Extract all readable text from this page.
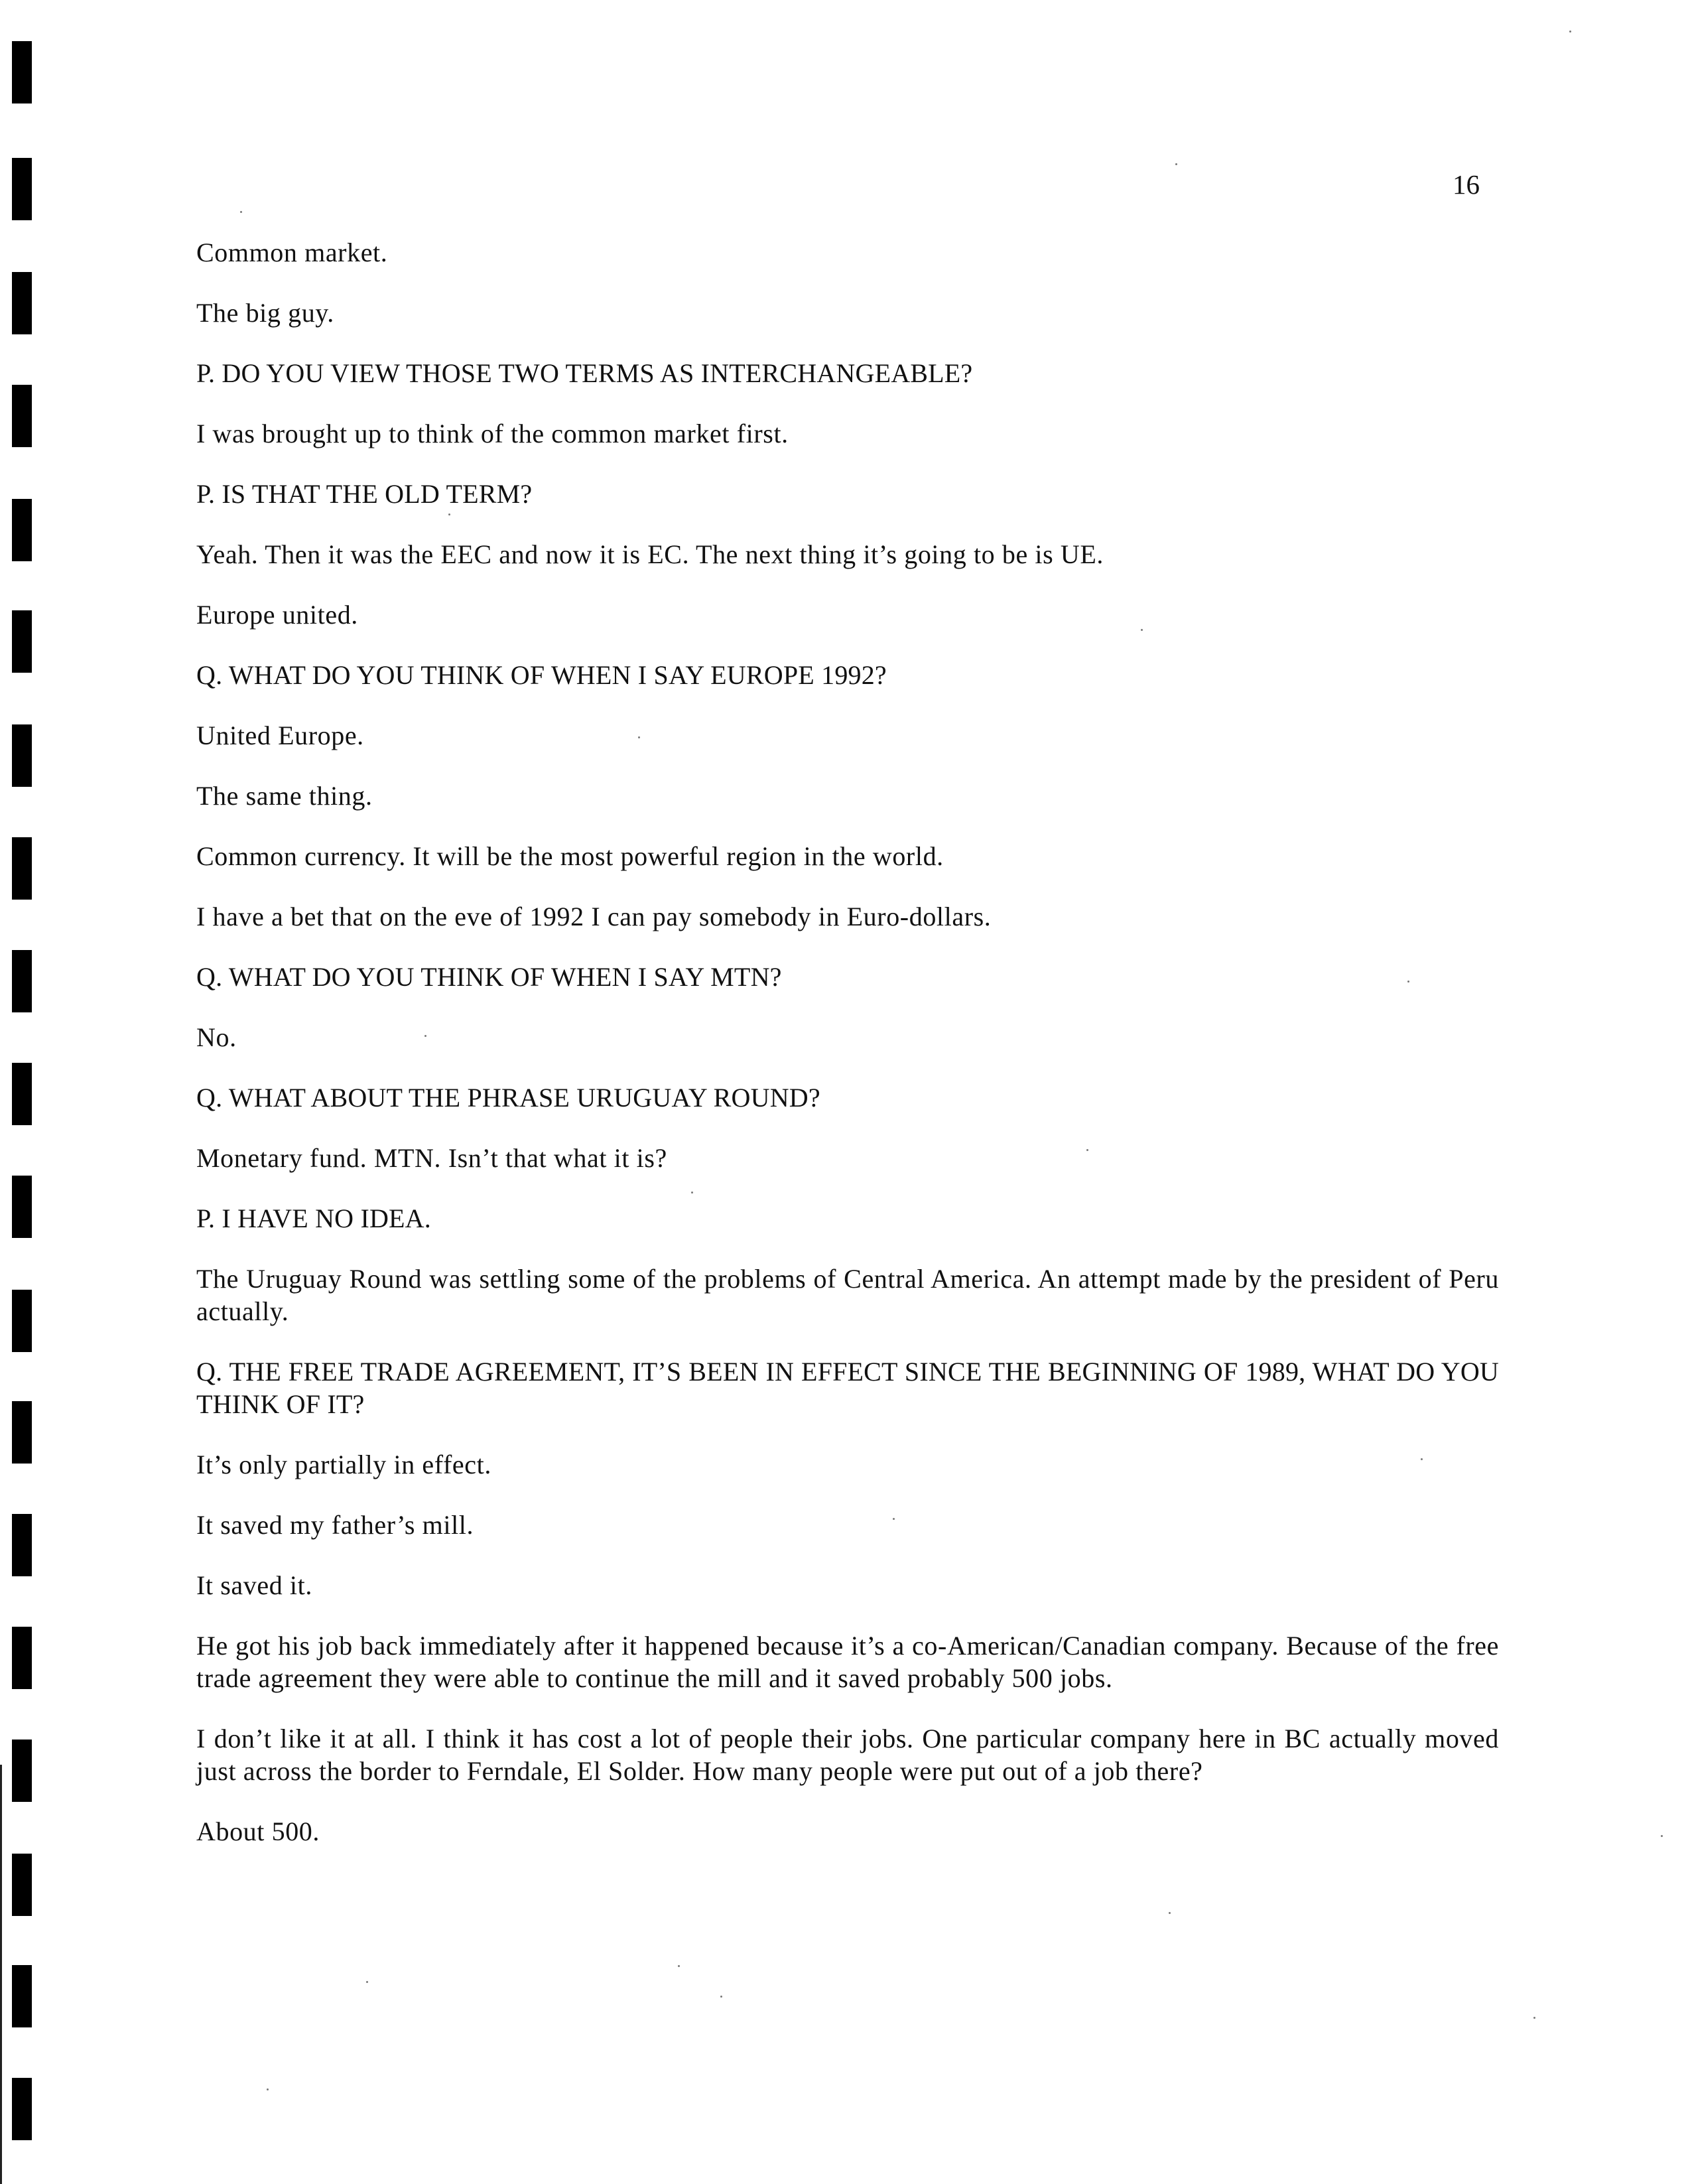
16

Common market.

The big guy.

P. DO YOU VIEW THOSE TWO TERMS AS INTERCHANGEABLE?

I was brought up to think of the common market first.

P. IS THAT THE OLD TERM?

Yeah. Then it was the EEC and now it is EC. The next thing it’s going to be is UE.

Europe united.

Q. WHAT DO YOU THINK OF WHEN I SAY EUROPE 1992?

United Europe.

The same thing.

Common currency. It will be the most powerful region in the world.

I have a bet that on the eve of 1992 I can pay somebody in Euro-dollars.

Q. WHAT DO YOU THINK OF WHEN I SAY MTN?

No.

Q. WHAT ABOUT THE PHRASE URUGUAY ROUND?

Monetary fund. MTN. Isn’t that what it is?

P. I HAVE NO IDEA.

The Uruguay Round was settling some of the problems of Central America. An attempt made by the president of Peru actually.

Q. THE FREE TRADE AGREEMENT, IT’S BEEN IN EFFECT SINCE THE BEGINNING OF 1989, WHAT DO YOU THINK OF IT?

It’s only partially in effect.

It saved my father’s mill.

It saved it.

He got his job back immediately after it happened because it’s a co-American/Canadian company. Because of the free trade agreement they were able to continue the mill and it saved probably 500 jobs.

I don’t like it at all. I think it has cost a lot of people their jobs. One particular company here in BC actually moved just across the border to Ferndale, El Solder. How many people were put out of a job there?

About 500.
